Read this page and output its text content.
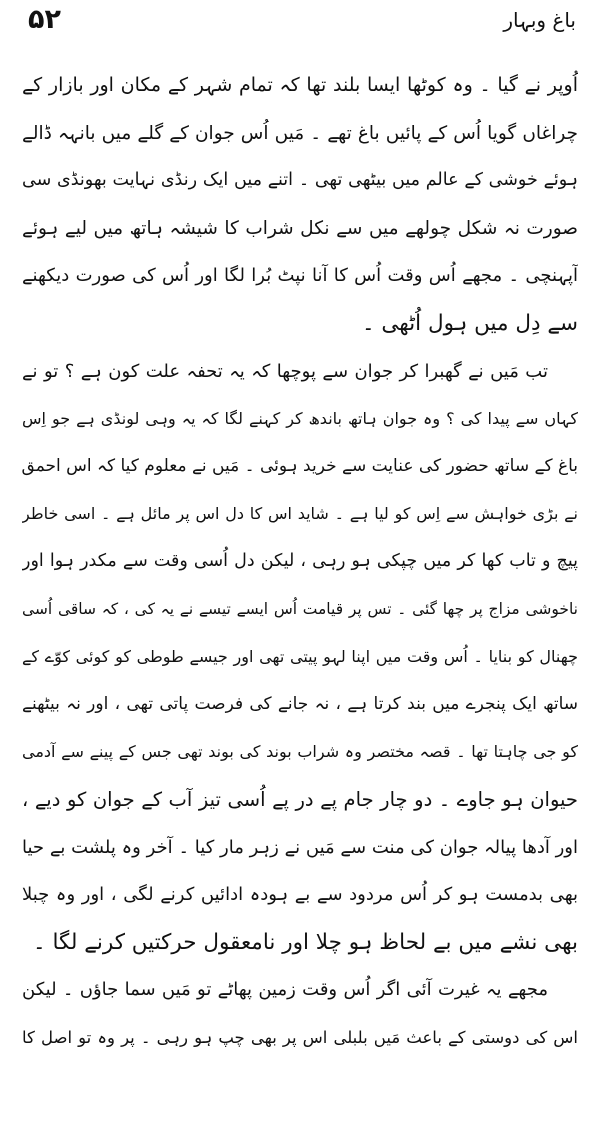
۵۲	باغ وبہار
اُوپر نے گیا ۔ وہ کوٹھا ایسا بلند تھا کہ تمام شہر کے مکان اور بازار کے
چراغاں گویا اُس کے پائیں باغ تھے ۔ مَیں اُس جوان کے گلے میں بانہہ ڈالے
ہوئے خوشی کے عالم میں بیٹھی تھی ۔ اتنے میں ایک رنڈی نہایت بھونڈی سی
صورت نہ شکل چولھے میں سے نکل شراب کا شیشہ ہاتھ میں لیے ہوئے
آپہنچی ۔ مجھے اُس وقت اُس کا آنا نپٹ بُرا لگا اور اُس کی صورت دیکھنے
سے دِل میں ہول اُٹھی ۔
تب مَیں نے گھبرا کر جوان سے پوچھا کہ یہ تحفہ علت کون ہے ؟ تو نے
کہاں سے پیدا کی ؟ وہ جوان ہاتھ باندھ کر کہنے لگا کہ یہ وہی لونڈی ہے جو اِس
باغ کے ساتھ حضور کی عنایت سے خرید ہوئی ۔ مَیں نے معلوم کیا کہ اس احمق
نے بڑی خواہش سے اِس کو لیا ہے ۔ شاید اس کا دل اس پر مائل ہے ۔ اسی خاطر
پیچ و تاب کھا کر میں چپکی ہو رہی ، لیکن دل اُسی وقت سے مکدر ہوا اور
ناخوشی مزاج پر چھا گئی ۔ تس پر قیامت اُس ایسے تیسے نے یہ کی ، کہ ساقی اُسی
چھنال کو بنایا ۔ اُس وقت میں اپنا لہو پیتی تھی اور جیسے طوطی کو کوئی کوّے کے
ساتھ ایک پنجرے میں بند کرتا ہے ، نہ جانے کی فرصت پاتی تھی ، اور نہ بیٹھنے
کو جی چاہتا تھا ۔ قصہ مختصر وہ شراب بوند کی بوند تھی جس کے پینے سے آدمی
حیوان ہو جاوے ۔ دو چار جام پے در پے اُسی تیز آب کے جوان کو دیے ،
اور آدھا پیالہ جوان کی منت سے مَیں نے زہر مار کیا ۔ آخر وہ پلشت بے حیا
بھی بدمست ہو کر اُس مردود سے بے ہودہ ادائیں کرنے لگی ، اور وہ چبلا
بھی نشے میں بے لحاظ ہو چلا اور نامعقول حرکتیں کرنے لگا ۔
مجھے یہ غیرت آئی اگر اُس وقت زمین پھاٹے تو مَیں سما جاؤں ۔ لیکن
اس کی دوستی کے باعث مَیں بلبلی اس پر بھی چپ ہو رہی ۔ پر وہ تو اصل کا
